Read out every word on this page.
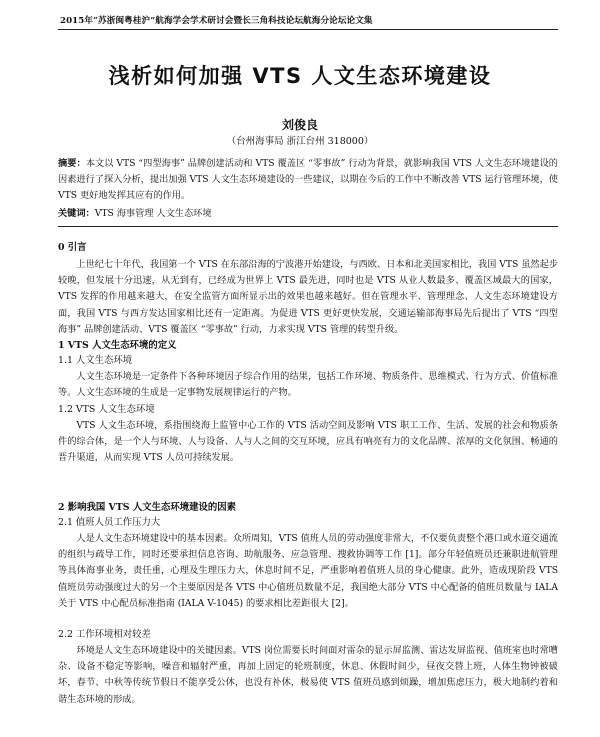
2015年“苏浙闽粤桂沪”航海学会学术研讨会暨长三角科技论坛航海分论坛论文集
浅析如何加强 VTS 人文生态环境建设
刘俊良
（台州海事局 浙江台州 318000）

摘要：本文以 VTS “四型海事” 品牌创建活动和 VTS 覆盖区 “零事故” 行动为背景，就影响我国 VTS 人文生态环境建设的因素进行了探入分析，提出加强 VTS 人文生态环境建设的一些建议，以期在今后的工作中不断改善 VTS 运行管理环境，使 VTS 更好地发挥其应有的作用。

关键词：VTS 海事管理 人文生态环境

0 引言

上世纪七十年代，我国第一个 VTS 在东部沿海的宁波港开始建设，与西欧、日本和北美国家相比，我国 VTS 虽然起步较晚，但发展十分迅速，从无到有，已经成为世界上 VTS 最先进，同时也是 VTS 从业人数最多、覆盖区域最大的国家，VTS 发挥的作用越来越大，在安全监管方面所显示出的效果也越来越好。但在管理水平、管理理念、人文生态环境建设方面，我国 VTS 与西方发达国家相比还有一定距离。为促进 VTS 更好更快发展，交通运输部海事局先后提出了 VTS “四型海事” 品牌创建活动、VTS 覆盖区 “零事故” 行动，力求实现 VTS 管理的转型升级。

1 VTS 人文生态环境的定义
1.1 人文生态环境

人文生态环境是一定条件下各种环境因子综合作用的结果，包括工作环境、物质条件、思维模式、行为方式、价值标准等。人文生态环境的生成是一定事物发展规律运行的产物。

1.2 VTS 人文生态环境

VTS 人文生态环境，系指围绕海上监管中心工作的 VTS 活动空间及影响 VTS 职工工作、生活、发展的社会和物质条件的综合体，是一个人与环境、人与设备、人与人之间的交互环境，应具有响亮有力的文化品牌、浓厚的文化氛围、畅通的晋升渠道，从而实现 VTS 人员可持续发展。

2 影响我国 VTS 人文生态环境建设的因素
2.1 值班人员工作压力大

人是人文生态环境建设中的基本因素。众所周知，VTS 值班人员的劳动强度非常大，不仅要负责整个港口或水道交通流的组织与疏导工作，同时还要承担信息咨询、助航服务、应急管理、搜救协调等工作 [1]。部分年轻值班员还兼职进航管理等具体海事业务，责任重，心理及生理压力大，休息时间不足，严重影响着值班人员的身心健康。此外，造成现阶段 VTS 值班员劳动强度过大的另一个主要原因是各 VTS 中心值班员数量不足，我国绝大部分 VTS 中心配备的值班员数量与 IALA 关于 VTS 中心配员标准指南 (IALA V-1045) 的要求相比差距很大 [2]。

2.2 工作环境相对较差

环境是人文生态环境建设中的关键因素。VTS 岗位需要长时间面对雷杂的显示屏监测、雷达发屏监视、值班室也时常嘈杂、设备不稳定等影响，噪音和辐射严重，再加上固定的轮班制度，休息、休假时间少，昼夜交替上班，人体生物钟被破坏，春节、中秋等传统节假日不能享受公休，也没有补休，极易使 VTS 值班员感到烦躁，增加焦虑压力，极大地制约着和谐生态环境的形成。
